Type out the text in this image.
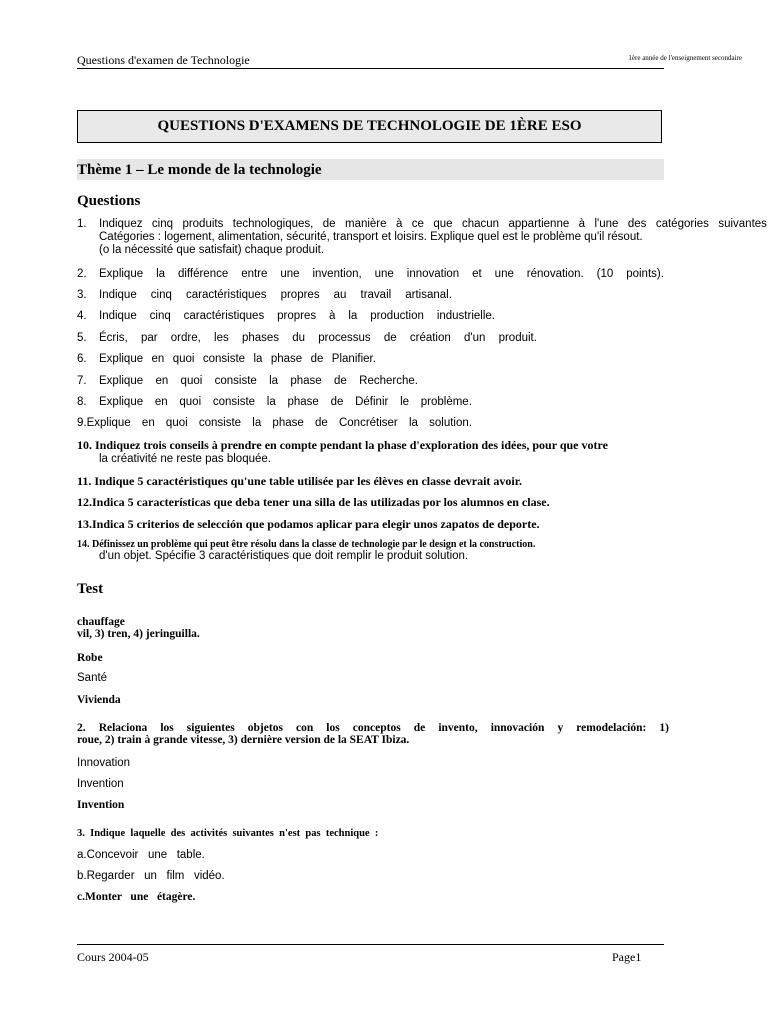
Questions d'examen de Technologie	1ère année de l'enseignement secondaire
QUESTIONS D'EXAMENS DE TECHNOLOGIE DE 1ÈRE ESO
Thème 1 – Le monde de la technologie
Questions
1.	Indiquez cinq produits technologiques, de manière à ce que chacun appartienne à l'une des catégories suivantes
Catégories : logement, alimentation, sécurité, transport et loisirs. Explique quel est le problème qu'il résout.
(o la nécessité que satisfait) chaque produit.
2.	Explique la différence entre une invention, une innovation et une rénovation. (10 points).
3.	Indique cinq caractéristiques propres au travail artisanal.
4.	Indique cinq caractéristiques propres à la production industrielle.
5.	Écris, par ordre, les phases du processus de création d'un produit.
6.	Explique en quoi consiste la phase de Planifier.
7.	Explique en quoi consiste la phase de Recherche.
8.	Explique en quoi consiste la phase de Définir le problème.
9.Explique en quoi consiste la phase de Concrétiser la solution.
10. Indiquez trois conseils à prendre en compte pendant la phase d'exploration des idées, pour que votre
la créativité ne reste pas bloquée.
11. Indique 5 caractéristiques qu'une table utilisée par les élèves en classe devrait avoir.
12.Indica 5 características que deba tener una silla de las utilizadas por los alumnos en clase.
13.Indica 5 criterios de selección que podamos aplicar para elegir unos zapatos de deporte.
14. Définissez un problème qui peut être résolu dans la classe de technologie par le design et la construction.
d'un objet. Spécifie 3 caractéristiques que doit remplir le produit solution.
Test
chauffage
vil, 3) tren, 4) jeringuilla.
Robe
Santé
Vivienda
2. Relaciona los siguientes objetos con los conceptos de invento, innovación y remodelación: 1)
roue, 2) train à grande vitesse, 3) dernière version de la SEAT Ibiza.
Innovation
Invention
Invention
3.  Indique  laquelle  des  activités  suivantes  n'est  pas  technique  :
a.Concevoir   une   table.
b.Regarder   un   film   vidéo.
c.Monter   une   étagère.
Cours 2004-05	Page1
